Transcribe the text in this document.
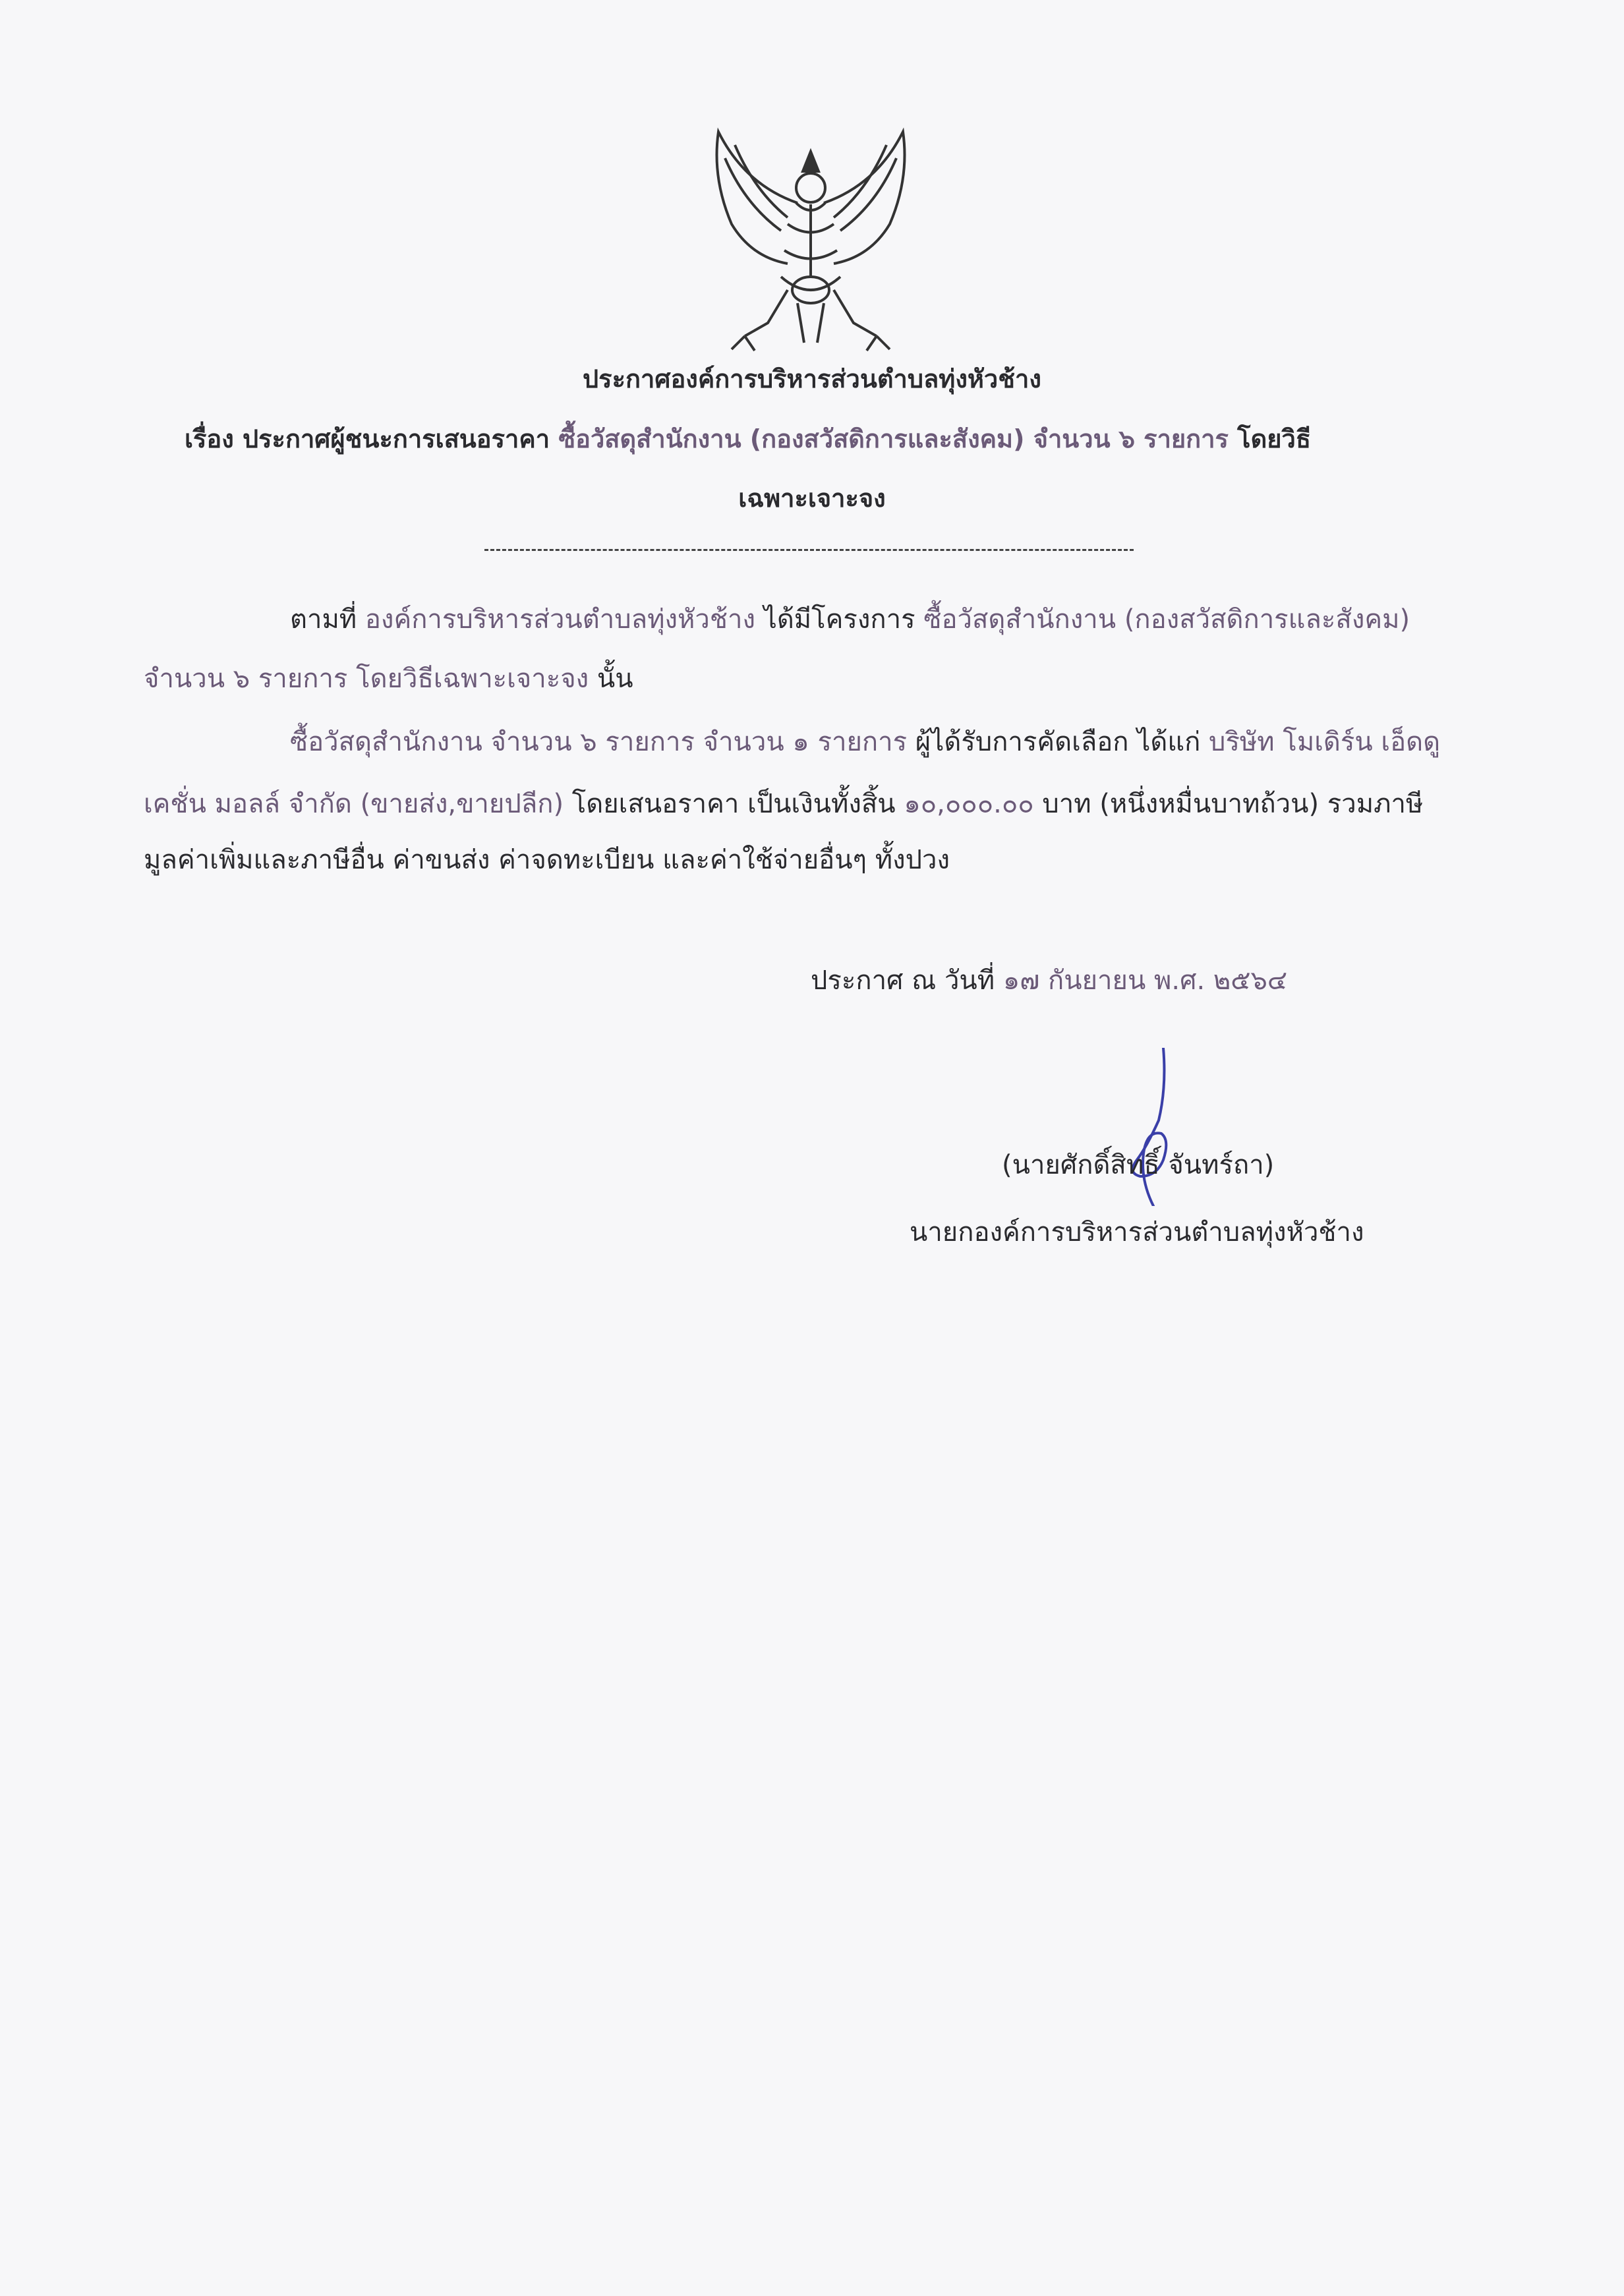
ประกาศองค์การบริหารส่วนตำบลทุ่งหัวช้าง
เรื่อง ประกาศผู้ชนะการเสนอราคา ซื้อวัสดุสำนักงาน (กองสวัสดิการและสังคม) จำนวน ๖ รายการ โดยวิธี
เฉพาะเจาะจง
ตามที่ องค์การบริหารส่วนตำบลทุ่งหัวช้าง ได้มีโครงการ ซื้อวัสดุสำนักงาน (กองสวัสดิการและสังคม)
จำนวน ๖ รายการ โดยวิธีเฉพาะเจาะจง นั้น
ซื้อวัสดุสำนักงาน จำนวน ๖ รายการ จำนวน ๑ รายการ ผู้ได้รับการคัดเลือก ได้แก่ บริษัท โมเดิร์น เอ็ดดู
เคชั่น มอลล์ จำกัด (ขายส่ง,ขายปลีก) โดยเสนอราคา เป็นเงินทั้งสิ้น ๑๐,๐๐๐.๐๐ บาท (หนึ่งหมื่นบาทถ้วน) รวมภาษี
มูลค่าเพิ่มและภาษีอื่น ค่าขนส่ง ค่าจดทะเบียน และค่าใช้จ่ายอื่นๆ ทั้งปวง
ประกาศ ณ วันที่ ๑๗ กันยายน พ.ศ. ๒๕๖๔
(นายศักดิ์สิทธิ์ จันทร์ถา)
นายกองค์การบริหารส่วนตำบลทุ่งหัวช้าง
